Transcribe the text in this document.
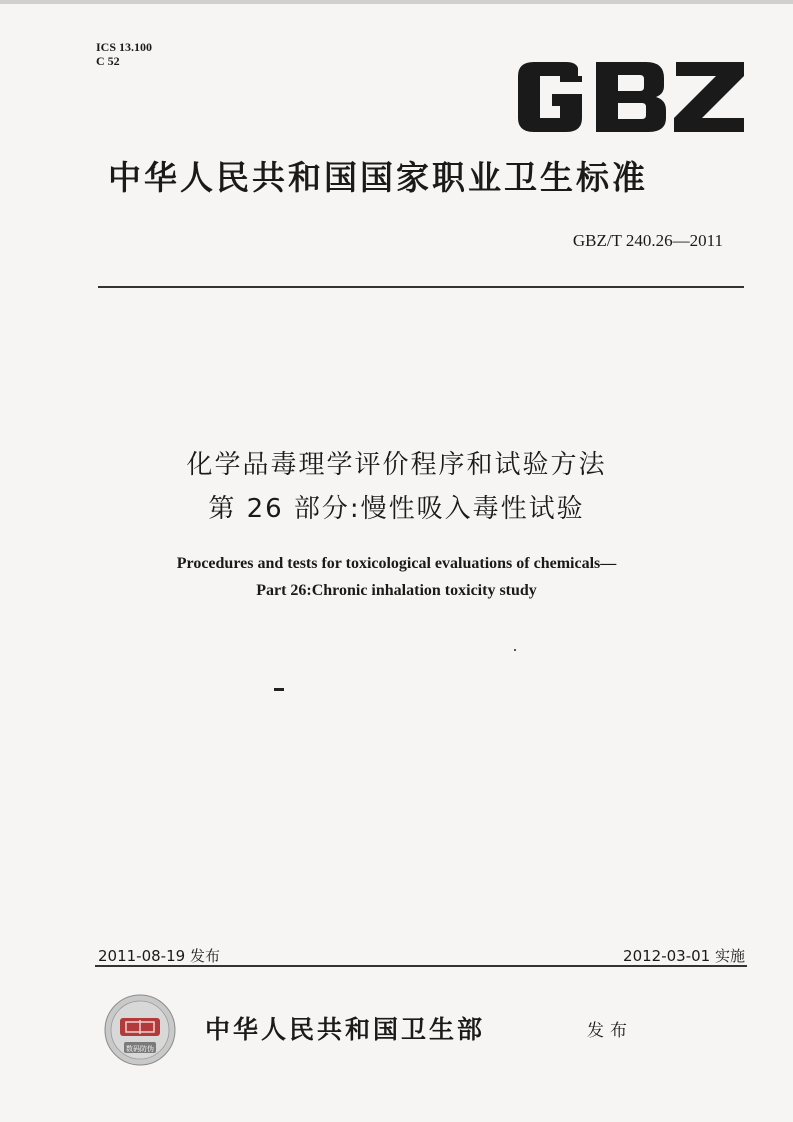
ICS 13.100
C 52
中华人民共和国国家职业卫生标准
GBZ/T 240.26—2011
化学品毒理学评价程序和试验方法
第 26 部分:慢性吸入毒性试验
Procedures and tests for toxicological evaluations of chemicals—
Part 26:Chronic inhalation toxicity study
2011-08-19 发布	2012-03-01 实施
数码防伪
中华人民共和国卫生部	发布
